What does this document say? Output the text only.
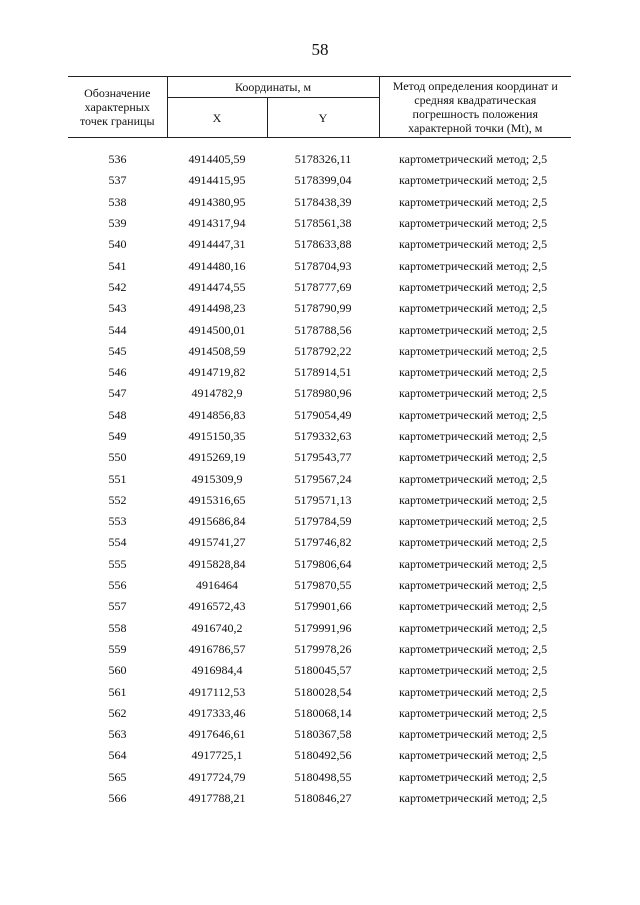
58
Обозначение характерных точек границы	Координаты, м		Метод определения координат и средняя квадратическая погрешность положения характерной точки (Mt), м
	X	Y	

536	4914405,59	5178326,11	картометрический метод; 2,5
537	4914415,95	5178399,04	картометрический метод; 2,5
538	4914380,95	5178438,39	картометрический метод; 2,5
539	4914317,94	5178561,38	картометрический метод; 2,5
540	4914447,31	5178633,88	картометрический метод; 2,5
541	4914480,16	5178704,93	картометрический метод; 2,5
542	4914474,55	5178777,69	картометрический метод; 2,5
543	4914498,23	5178790,99	картометрический метод; 2,5
544	4914500,01	5178788,56	картометрический метод; 2,5
545	4914508,59	5178792,22	картометрический метод; 2,5
546	4914719,82	5178914,51	картометрический метод; 2,5
547	4914782,9	5178980,96	картометрический метод; 2,5
548	4914856,83	5179054,49	картометрический метод; 2,5
549	4915150,35	5179332,63	картометрический метод; 2,5
550	4915269,19	5179543,77	картометрический метод; 2,5
551	4915309,9	5179567,24	картометрический метод; 2,5
552	4915316,65	5179571,13	картометрический метод; 2,5
553	4915686,84	5179784,59	картометрический метод; 2,5
554	4915741,27	5179746,82	картометрический метод; 2,5
555	4915828,84	5179806,64	картометрический метод; 2,5
556	4916464	5179870,55	картометрический метод; 2,5
557	4916572,43	5179901,66	картометрический метод; 2,5
558	4916740,2	5179991,96	картометрический метод; 2,5
559	4916786,57	5179978,26	картометрический метод; 2,5
560	4916984,4	5180045,57	картометрический метод; 2,5
561	4917112,53	5180028,54	картометрический метод; 2,5
562	4917333,46	5180068,14	картометрический метод; 2,5
563	4917646,61	5180367,58	картометрический метод; 2,5
564	4917725,1	5180492,56	картометрический метод; 2,5
565	4917724,79	5180498,55	картометрический метод; 2,5
566	4917788,21	5180846,27	картометрический метод; 2,5
